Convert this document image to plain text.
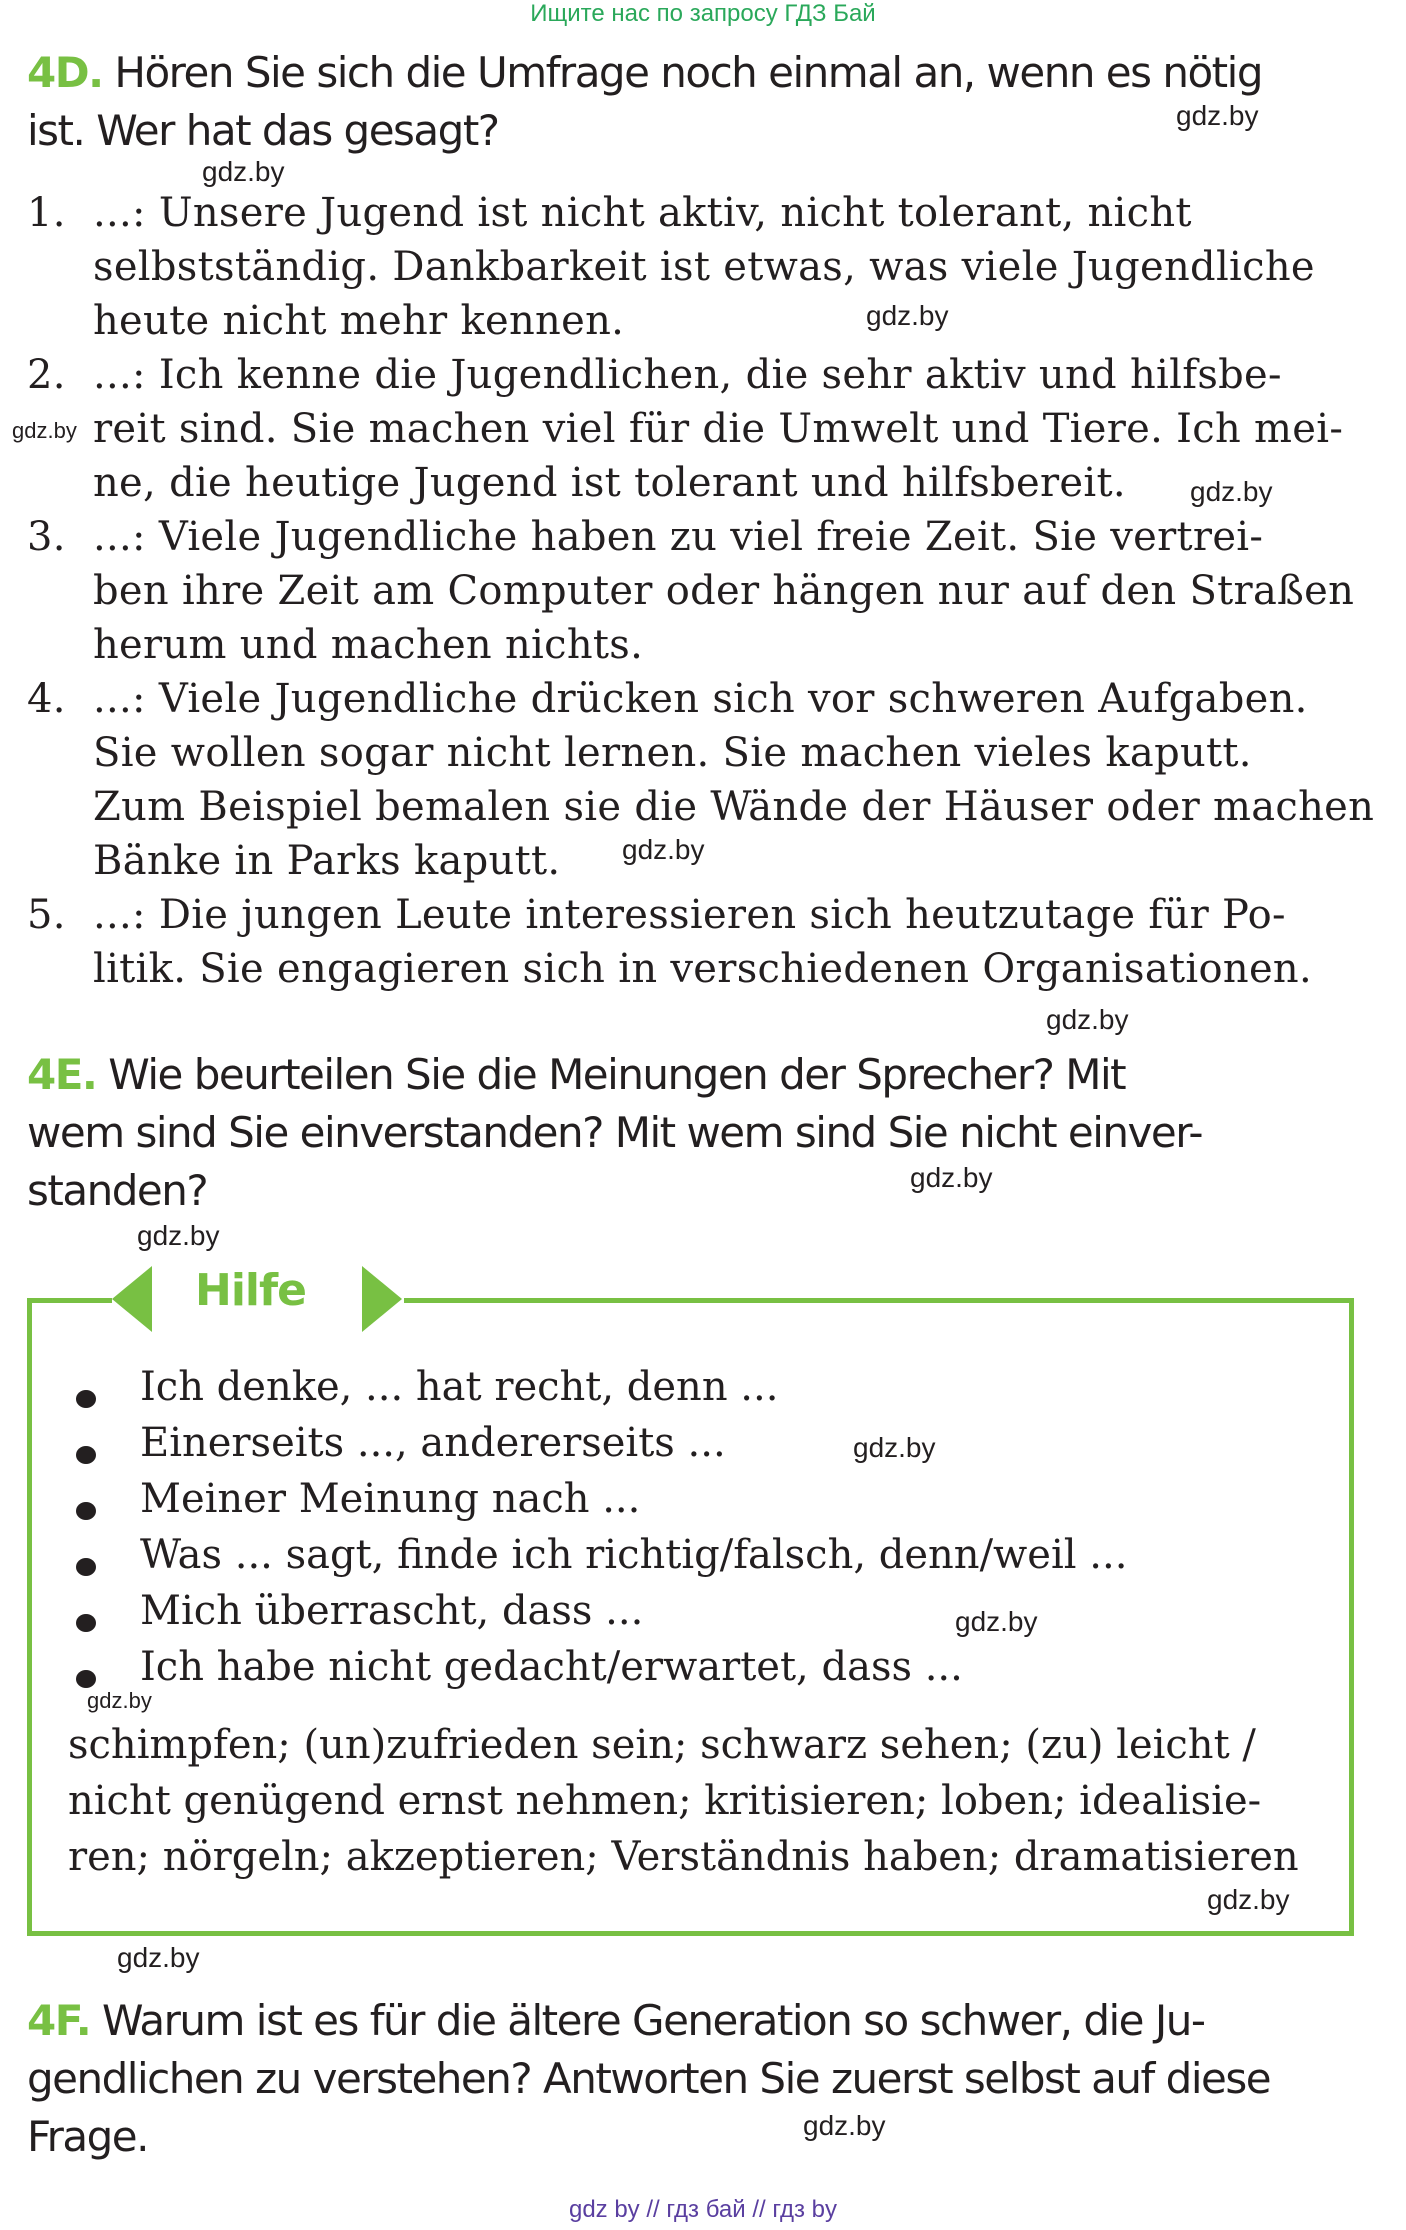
Ищите нас по запросу ГДЗ Бай
4D. Hören Sie sich die Umfrage noch einmal an, wenn es nötig
ist. Wer hat das gesagt?	gdz.by
gdz.by
1. ...: Unsere Jugend ist nicht aktiv, nicht tolerant, nicht
selbstständig. Dankbarkeit ist etwas, was viele Jugendliche
heute nicht mehr kennen.	gdz.by
2. ...: Ich kenne die Jugendlichen, die sehr aktiv und hilfsbe-
reit sind. Sie machen viel für die Umwelt und Tiere. Ich mei-
gdz.by
ne, die heutige Jugend ist tolerant und hilfsbereit. gdz.by
3. ...: Viele Jugendliche haben zu viel freie Zeit. Sie vertrei-
ben ihre Zeit am Computer oder hängen nur auf den Straßen
herum und machen nichts.
4. ...: Viele Jugendliche drücken sich vor schweren Aufgaben.
Sie wollen sogar nicht lernen. Sie machen vieles kaputt.
Zum Beispiel bemalen sie die Wände der Häuser oder machen
Bänke in Parks kaputt. gdz.by
5. ...: Die jungen Leute interessieren sich heutzutage für Po-
litik. Sie engagieren sich in verschiedenen Organisationen.
gdz.by
4E. Wie beurteilen Sie die Meinungen der Sprecher? Mit
wem sind Sie einverstanden? Mit wem sind Sie nicht einver-
standen?	gdz.by
gdz.by
Hilfe
Ich denke, ... hat recht, denn ...
Einerseits ..., andererseits ...	gdz.by
Meiner Meinung nach ...
Was ... sagt, finde ich richtig/falsch, denn/weil ...
Mich überrascht, dass ...	gdz.by
Ich habe nicht gedacht/erwartet, dass ...
gdz.by
schimpfen; (un)zufrieden sein; schwarz sehen; (zu) leicht /
nicht genügend ernst nehmen; kritisieren; loben; idealisie-
ren; nörgeln; akzeptieren; Verständnis haben; dramatisieren
gdz.by
gdz.by
4F. Warum ist es für die ältere Generation so schwer, die Ju-
gendlichen zu verstehen? Antworten Sie zuerst selbst auf diese
Frage.	gdz.by
gdz by // гдз бай // гдз by
